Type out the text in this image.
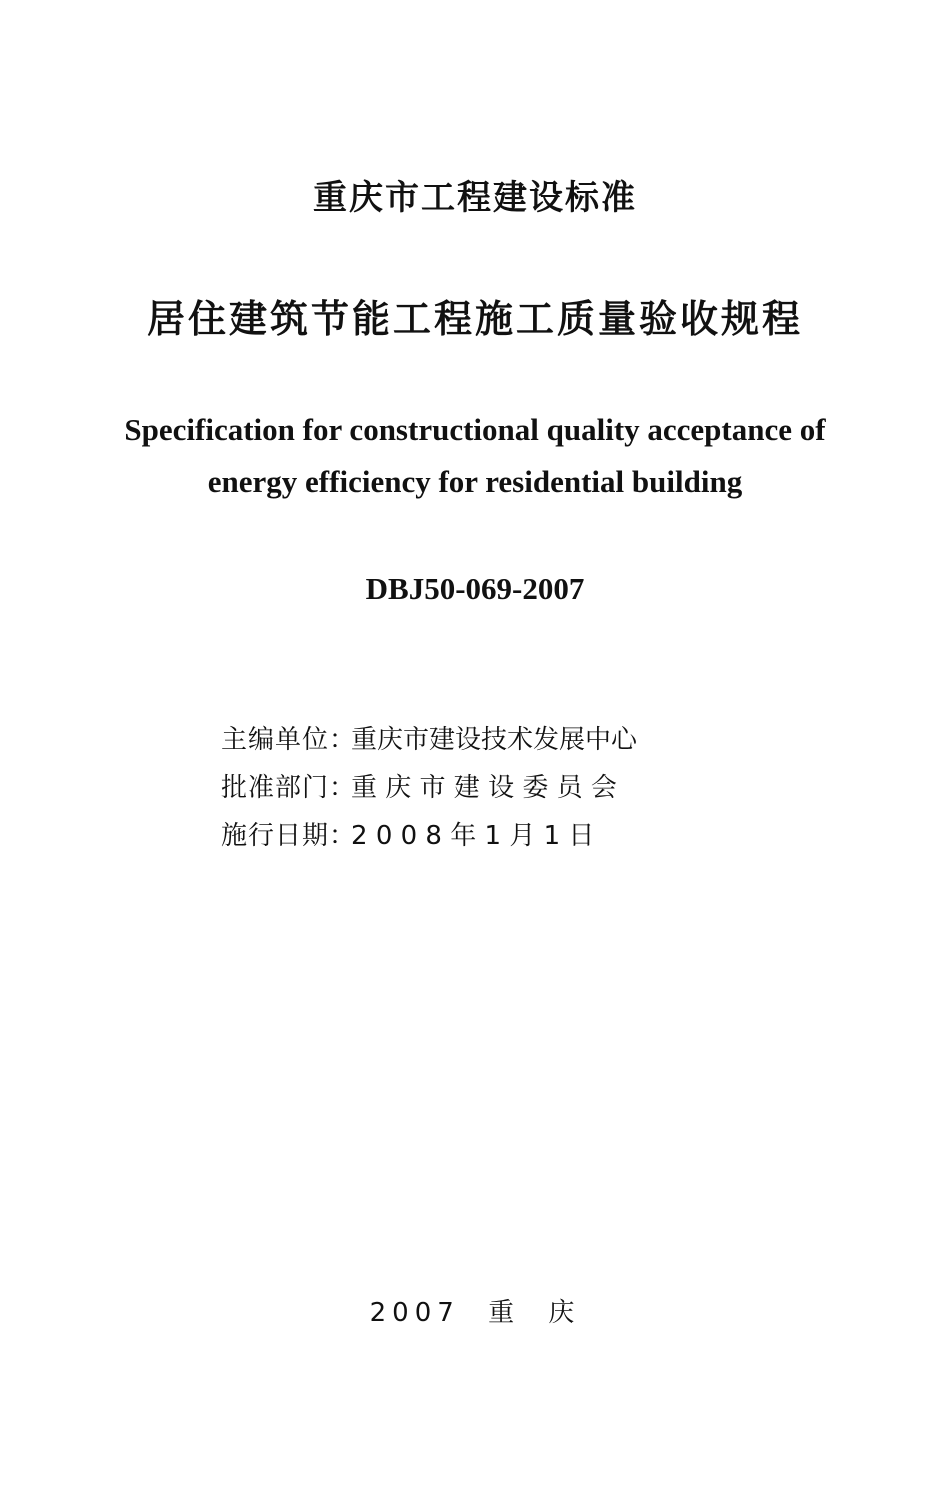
重庆市工程建设标准
居住建筑节能工程施工质量验收规程
Specification for constructional quality acceptance of
energy efficiency for residential building
DBJ50-069-2007
主编单位 ：
重庆市建设技术发展中心
批准部门 ：
重 庆 市 建 设 委 员 会
施行日期 ：
2 0 0 8 年 1 月 1 日
2007 重 庆
